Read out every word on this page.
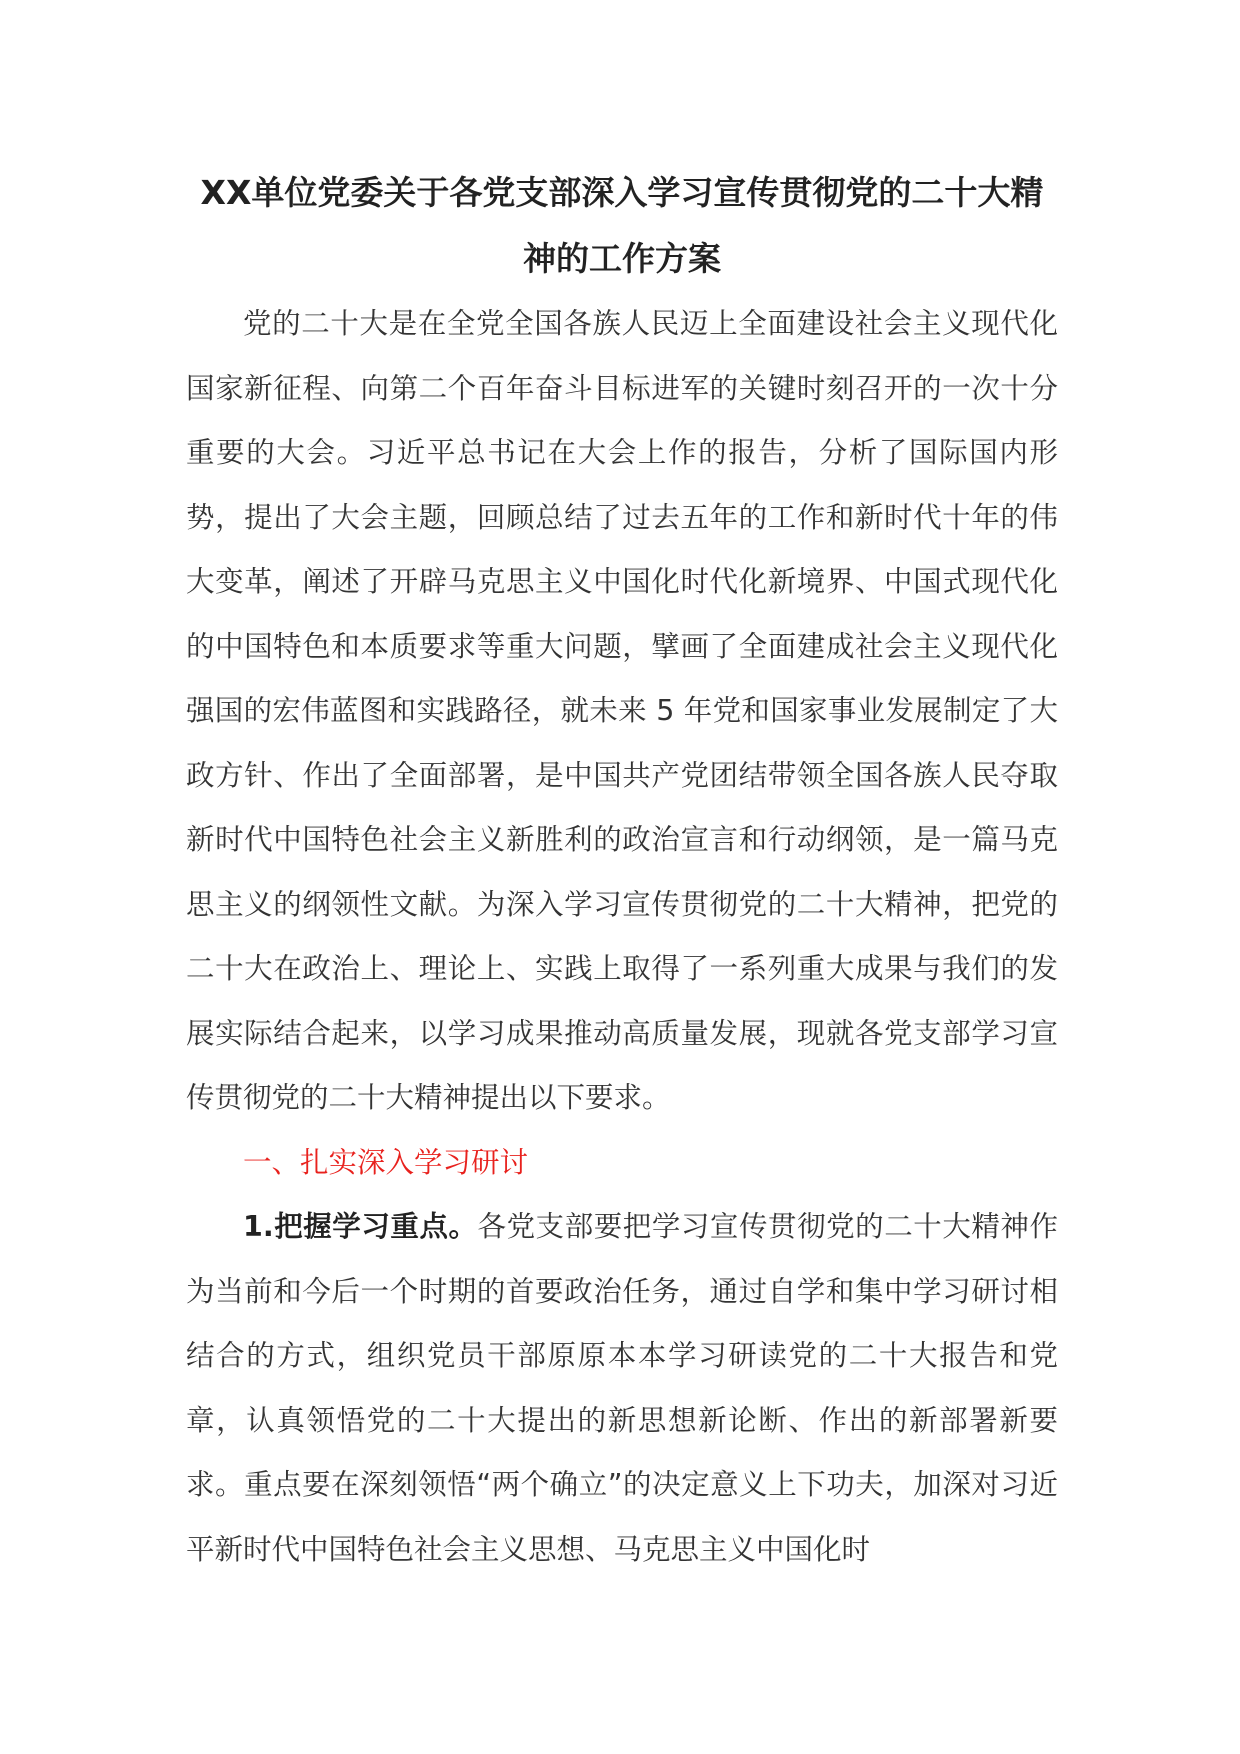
XX单位党委关于各党支部深入学习宣传贯彻党的二十大精
神的工作方案

党的二十大是在全党全国各族人民迈上全面建设社会主义现代化国家新征程、向第二个百年奋斗目标进军的关键时刻召开的一次十分重要的大会。习近平总书记在大会上作的报告，分析了国际国内形势，提出了大会主题，回顾总结了过去五年的工作和新时代十年的伟大变革，阐述了开辟马克思主义中国化时代化新境界、中国式现代化的中国特色和本质要求等重大问题，擘画了全面建成社会主义现代化强国的宏伟蓝图和实践路径，就未来 5 年党和国家事业发展制定了大政方针、作出了全面部署，是中国共产党团结带领全国各族人民夺取新时代中国特色社会主义新胜利的政治宣言和行动纲领，是一篇马克思主义的纲领性文献。为深入学习宣传贯彻党的二十大精神，把党的二十大在政治上、理论上、实践上取得了一系列重大成果与我们的发展实际结合起来，以学习成果推动高质量发展，现就各党支部学习宣传贯彻党的二十大精神提出以下要求。

一、扎实深入学习研讨

1.把握学习重点。各党支部要把学习宣传贯彻党的二十大精神作为当前和今后一个时期的首要政治任务，通过自学和集中学习研讨相结合的方式，组织党员干部原原本本学习研读党的二十大报告和党章，认真领悟党的二十大提出的新思想新论断、作出的新部署新要求。重点要在深刻领悟“两个确立”的决定意义上下功夫，加深对习近平新时代中国特色社会主义思想、马克思主义中国化时
